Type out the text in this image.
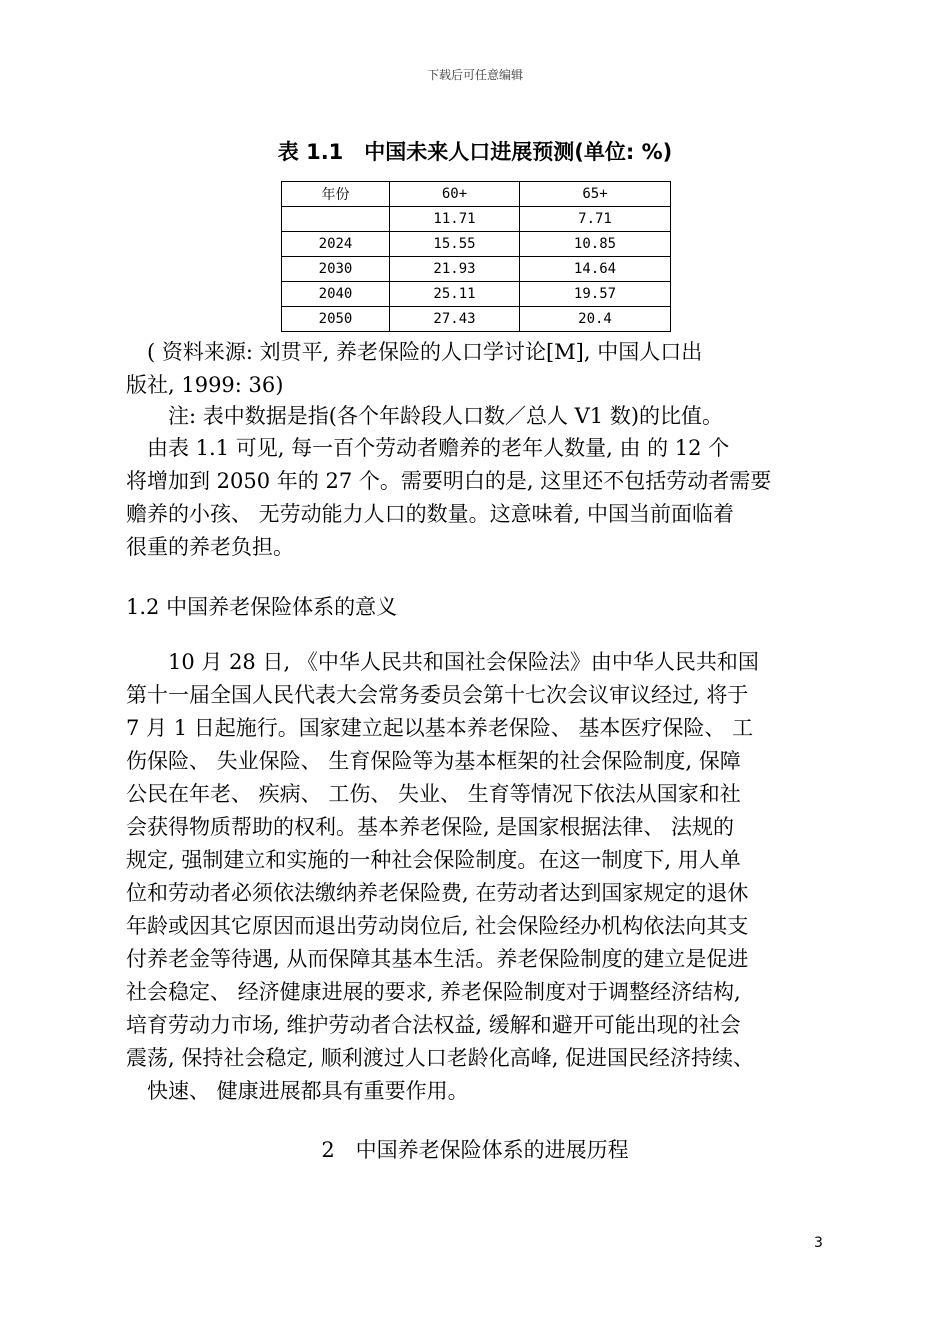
下载后可任意编辑
表 1.1　中国未来人口进展预测(单位: %)
年份	60+	65+
	11.71	7.71
2024	15.55	10.85
2030	21.93	14.64
2040	25.11	19.57
2050	27.43	20.4
　( 资料来源: 刘贯平, 养老保险的人口学讨论[M], 中国人口出
版社, 1999: 36)
　　注: 表中数据是指(各个年龄段人口数／总人 V1 数)的比值。
　由表 1.1 可见, 每一百个劳动者赡养的老年人数量, 由 的 12 个
将增加到 2050 年的 27 个。需要明白的是, 这里还不包括劳动者需要
赡养的小孩、 无劳动能力人口的数量。这意味着, 中国当前面临着
很重的养老负担。
1.2 中国养老保险体系的意义
　　10 月 28 日, 《中华人民共和国社会保险法》由中华人民共和国
第十一届全国人民代表大会常务委员会第十七次会议审议经过, 将于
7 月 1 日起施行。国家建立起以基本养老保险、 基本医疗保险、 工
伤保险、 失业保险、 生育保险等为基本框架的社会保险制度, 保障
公民在年老、 疾病、 工伤、 失业、 生育等情况下依法从国家和社
会获得物质帮助的权利。基本养老保险, 是国家根据法律、 法规的
规定, 强制建立和实施的一种社会保险制度。在这一制度下, 用人单
位和劳动者必须依法缴纳养老保险费, 在劳动者达到国家规定的退休
年龄或因其它原因而退出劳动岗位后, 社会保险经办机构依法向其支
付养老金等待遇, 从而保障其基本生活。养老保险制度的建立是促进
社会稳定、 经济健康进展的要求, 养老保险制度对于调整经济结构,
培育劳动力市场, 维护劳动者合法权益, 缓解和避开可能出现的社会
震荡, 保持社会稳定, 顺利渡过人口老龄化高峰, 促进国民经济持续、
　快速、 健康进展都具有重要作用。
2　中国养老保险体系的进展历程
3
